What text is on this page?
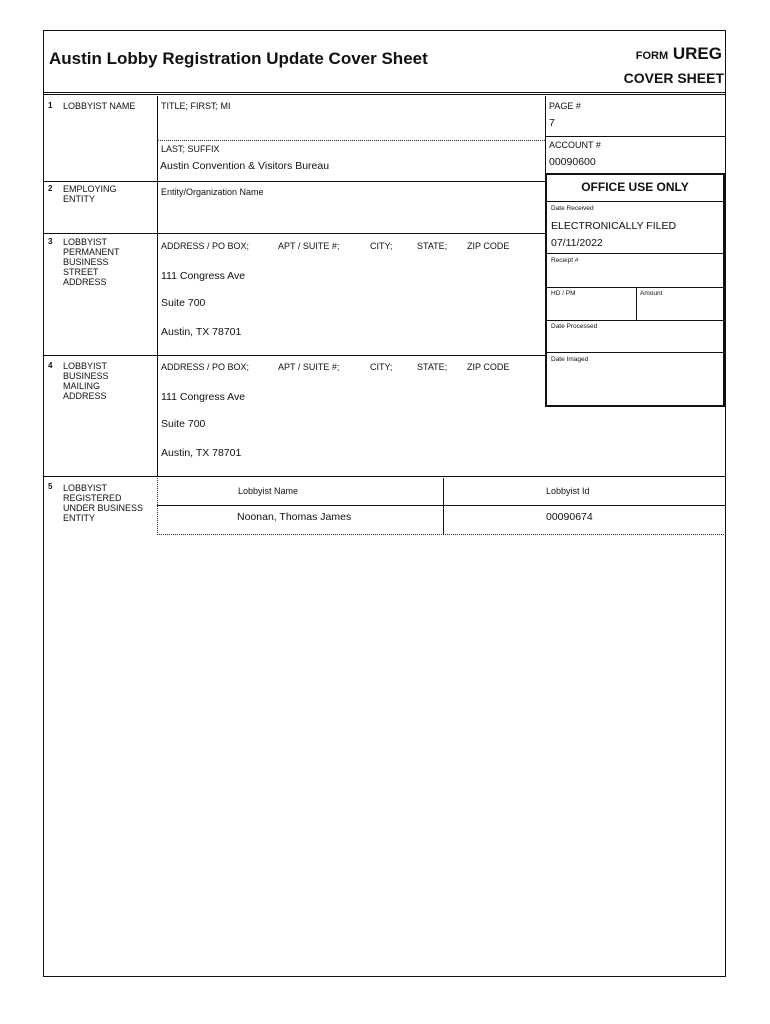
Austin Lobby Registration Update Cover Sheet	FORM UREG
COVER SHEET
1 LOBBYIST NAME	TITLE; FIRST; MI
LAST; SUFFIX
Austin Convention & Visitors Bureau
PAGE #
7
ACCOUNT #
00090600
2 EMPLOYING ENTITY
Entity/Organization Name
3 LOBBYIST PERMANENT BUSINESS STREET ADDRESS
ADDRESS / PO BOX;	APT / SUITE #;	CITY;	STATE; ZIP CODE
111 Congress Ave
Suite 700
Austin, TX 78701
4 LOBBYIST BUSINESS MAILING ADDRESS
ADDRESS / PO BOX;	APT / SUITE #;	CITY;	STATE; ZIP CODE
111 Congress Ave
Suite 700
Austin, TX 78701
5 LOBBYIST REGISTERED UNDER BUSINESS ENTITY
Lobbyist Name	Lobbyist Id
Noonan, Thomas James	00090674
OFFICE USE ONLY
Date Received
ELECTRONICALLY FILED
07/11/2022
Receipt #
HD / PM	Amount
Date Processed
Date Imaged
